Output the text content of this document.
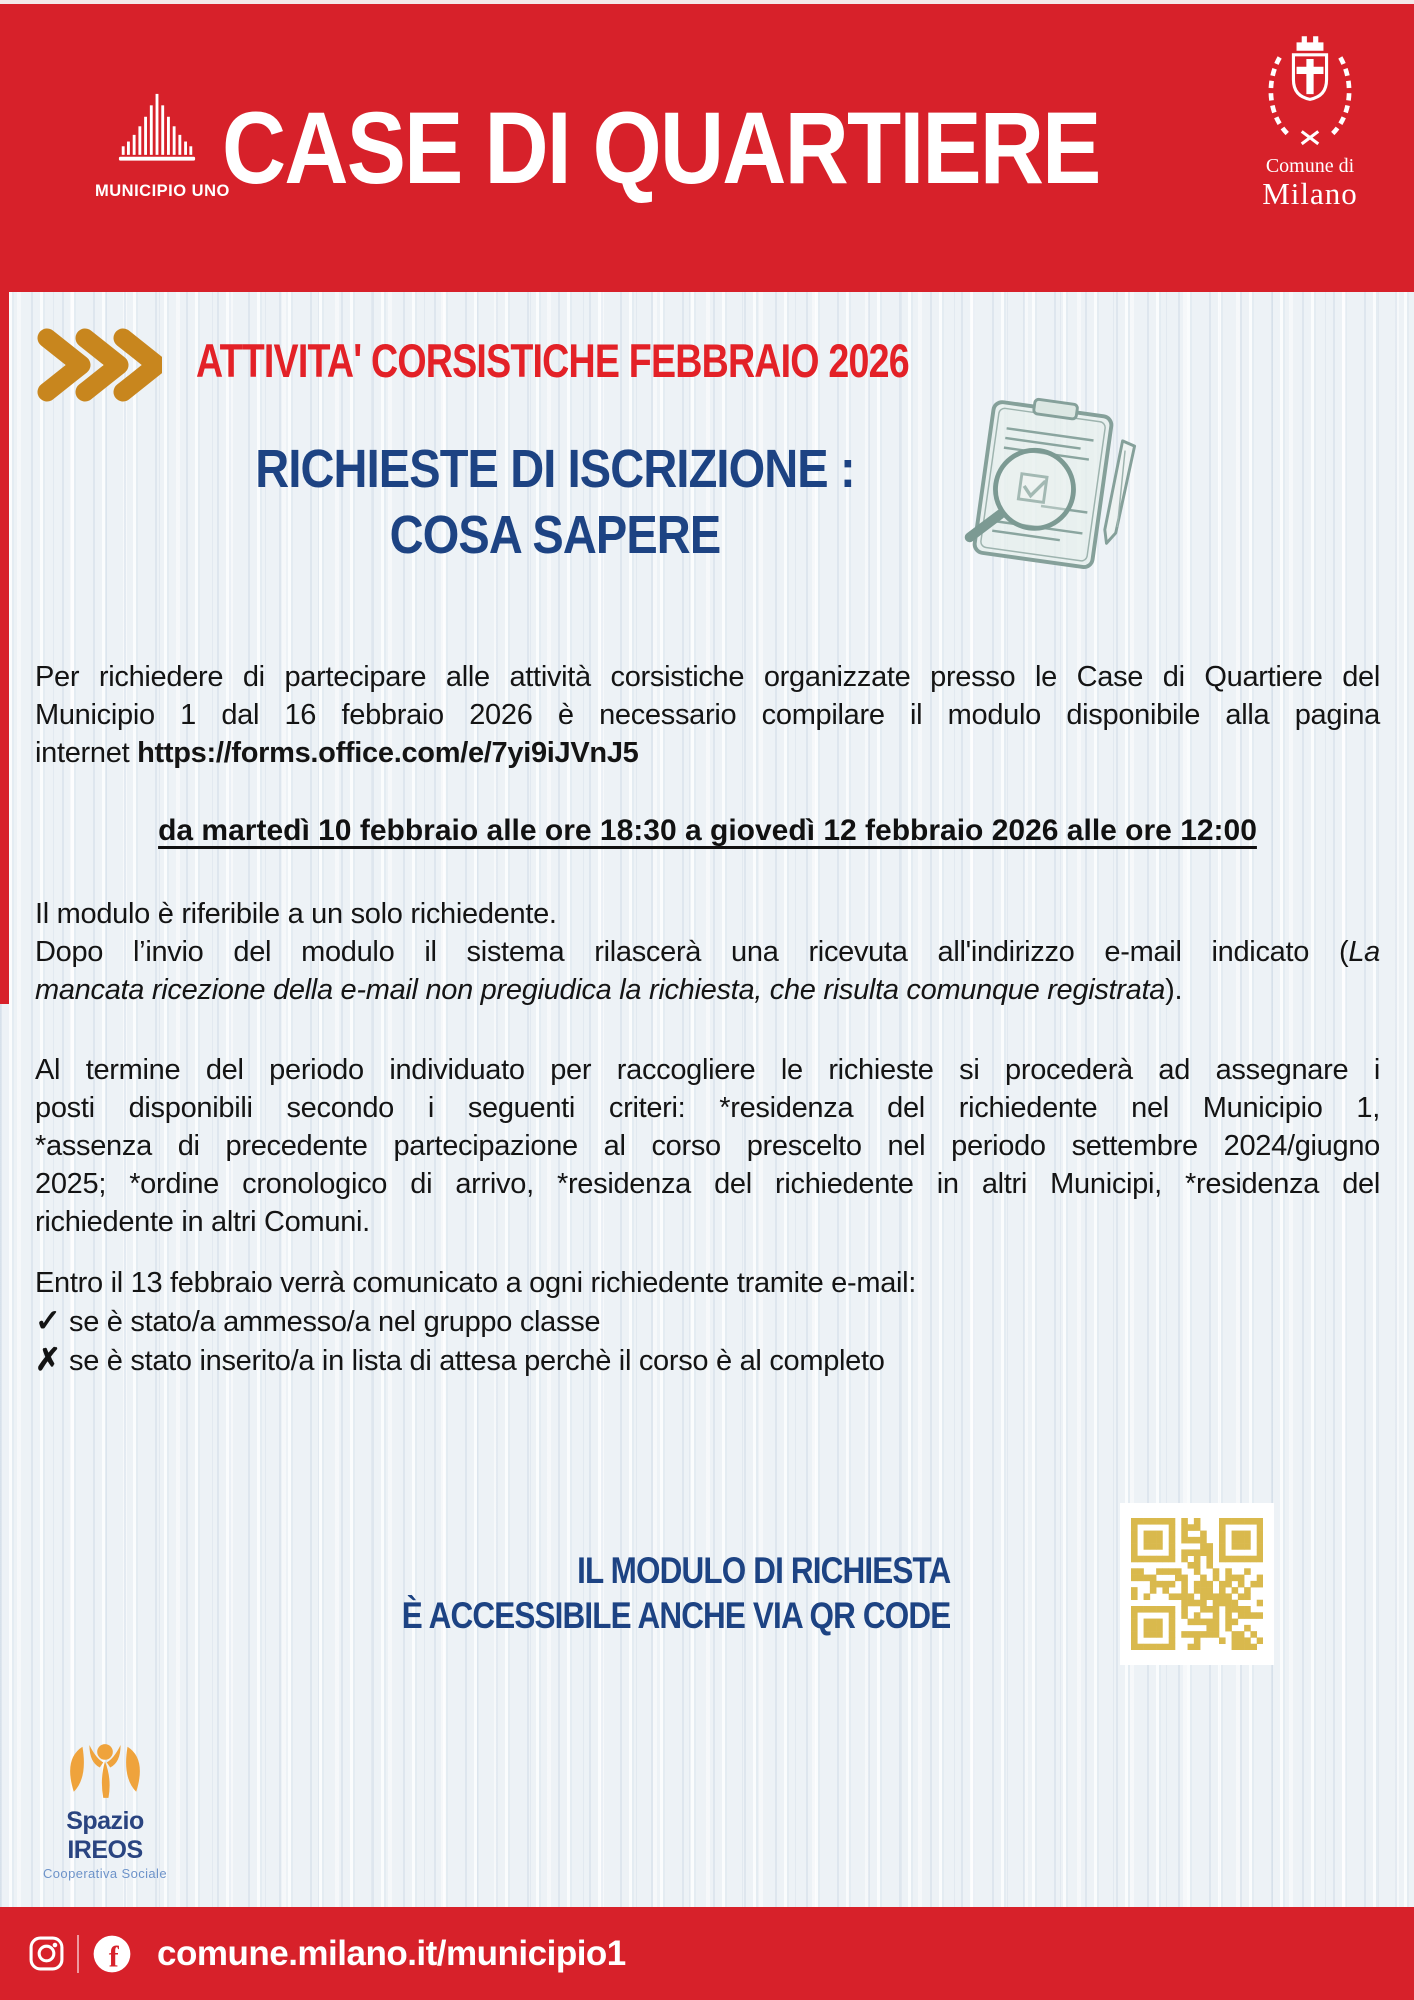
MUNICIPIO UNO
CASE DI QUARTIERE	Comune di
Milano
ATTIVITA' CORSISTICHE FEBBRAIO 2026
RICHIESTE DI ISCRIZIONE :
COSA SAPERE
Per richiedere di partecipare alle attività corsistiche organizzate presso le Case di Quartiere del
Municipio 1 dal 16 febbraio 2026 è necessario compilare il modulo disponibile alla pagina
internet https://forms.office.com/e/7yi9iJVnJ5
da martedì 10 febbraio alle ore 18:30 a giovedì 12 febbraio 2026 alle ore 12:00
Il modulo è riferibile a un solo richiedente.
Dopo l’invio del modulo il sistema rilascerà una ricevuta all'indirizzo e-mail indicato (La
mancata ricezione della e-mail non pregiudica la richiesta, che risulta comunque registrata).
Al termine del periodo individuato per raccogliere le richieste si procederà ad assegnare i
posti disponibili secondo i seguenti criteri: *residenza del richiedente nel Municipio 1,
*assenza di precedente partecipazione al corso prescelto nel periodo settembre 2024/giugno
2025; *ordine cronologico di arrivo, *residenza del richiedente in altri Municipi, *residenza del
richiedente in altri Comuni.
Entro il 13 febbraio verrà comunicato a ogni richiedente tramite e-mail:
✓ se è stato/a ammesso/a nel gruppo classe
✗ se è stato inserito/a in lista di attesa perchè il corso è al completo
IL MODULO DI RICHIESTA
È ACCESSIBILE ANCHE VIA QR CODE
Spazio IREOS
Cooperativa Sociale
f comune.milano.it/municipio1
